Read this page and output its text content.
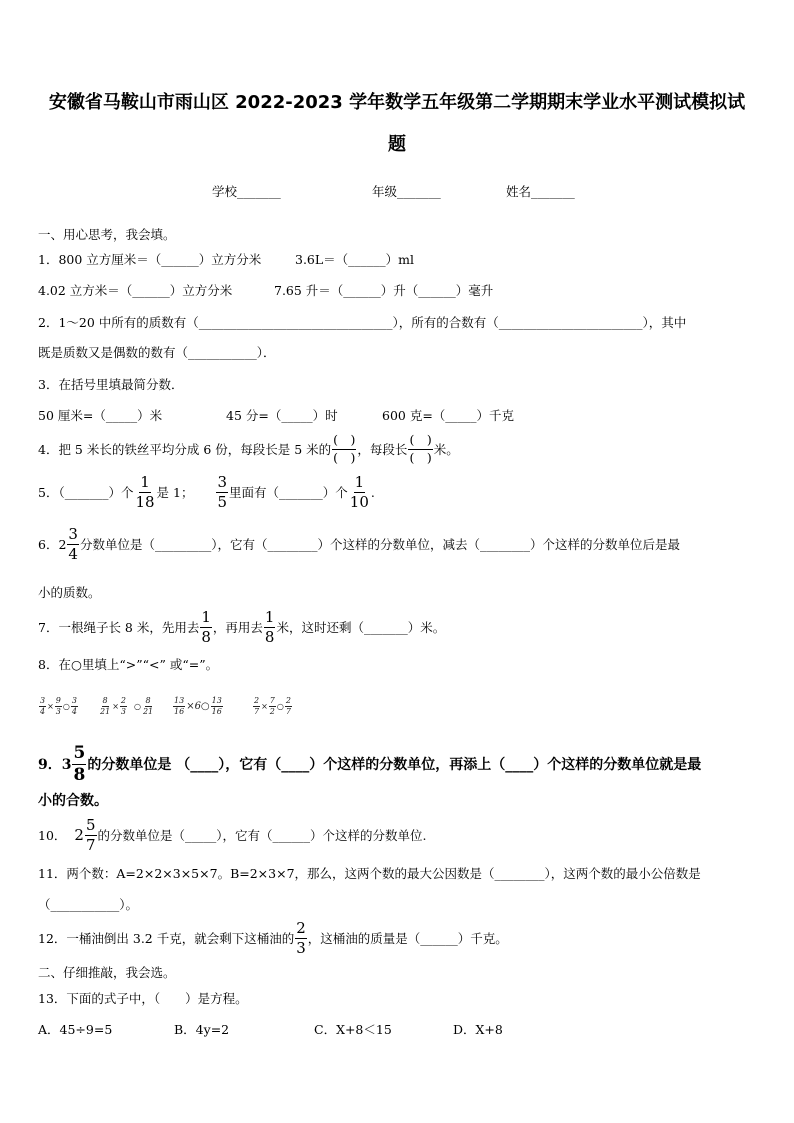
安徽省马鞍山市雨山区 2022-2023 学年数学五年级第二学期期末学业水平测试模拟试
题
学校_______	年级_______	姓名_______
一、用心思考，我会填。
1．800 立方厘米＝（______）立方分米	3.6L＝（______）ml
4.02 立方米＝（______）立方分米	7.65 升＝（______）升（______）毫升
2．1～20 中所有的质数有（_______________________________），所有的合数有（_______________________），其中
既是质数又是偶数的数有（___________）．
3．在括号里填最简分数．
50 厘米=（_____）米	45 分=（_____）时	600 克=（_____）千克
4．把 5 米长的铁丝平均分成 6 份，每段长是 5 米的 $\frac{( )}{( )}$ ，每段长 $\frac{( )}{( )}$ 米。
5．（_______）个 $\frac{1}{18}$ 是 1； $\frac{3}{5}$ 里面有（_______）个 $\frac{1}{10}$ .
6．$2 \frac{3}{4}$ 分数单位是（_________），它有（________）个这样的分数单位，减去（________）个这样的分数单位后是最
小的质数。
7．一根绳子长 8 米，先用去 $\frac{1}{8}$ ，再用去 $\frac{1}{8}$ 米，这时还剩（_______）米。
8．在○里填上“>”“<” 或“=”。
$\frac{3}{4} \times \frac{9}{3}$ ○ $\frac{3}{4}$	$\frac{8}{21} \times \frac{2}{3}$ ○ $\frac{8}{21} \frac{13}{16}$ ×6○ $\frac{13}{16}$	$\frac{2}{7} \times \frac{7}{2}$ ○ $\frac{2}{7}$
9．$3 \frac{5}{8}$ 的分数单位是 （____），它有（____）个这样的分数单位，再添上（____）个这样的分数单位就是最
小的合数。
10． $2 \frac{5}{7}$ 的分数单位是（_____），它有（______）个这样的分数单位.
11．两个数：A=2×2×3×5×7。B=2×3×7，那么，这两个数的最大公因数是（________），这两个数的最小公倍数是
（___________）。
12．一桶油倒出 3.2 千克，就会剩下这桶油的 $\frac{2}{3}$ ，这桶油的质量是（______）千克。
二、仔细推敲，我会选。
13．下面的式子中，（　　）是方程。
A．45÷9=5	B．4y=2	C．X+8＜15	D．X+8
